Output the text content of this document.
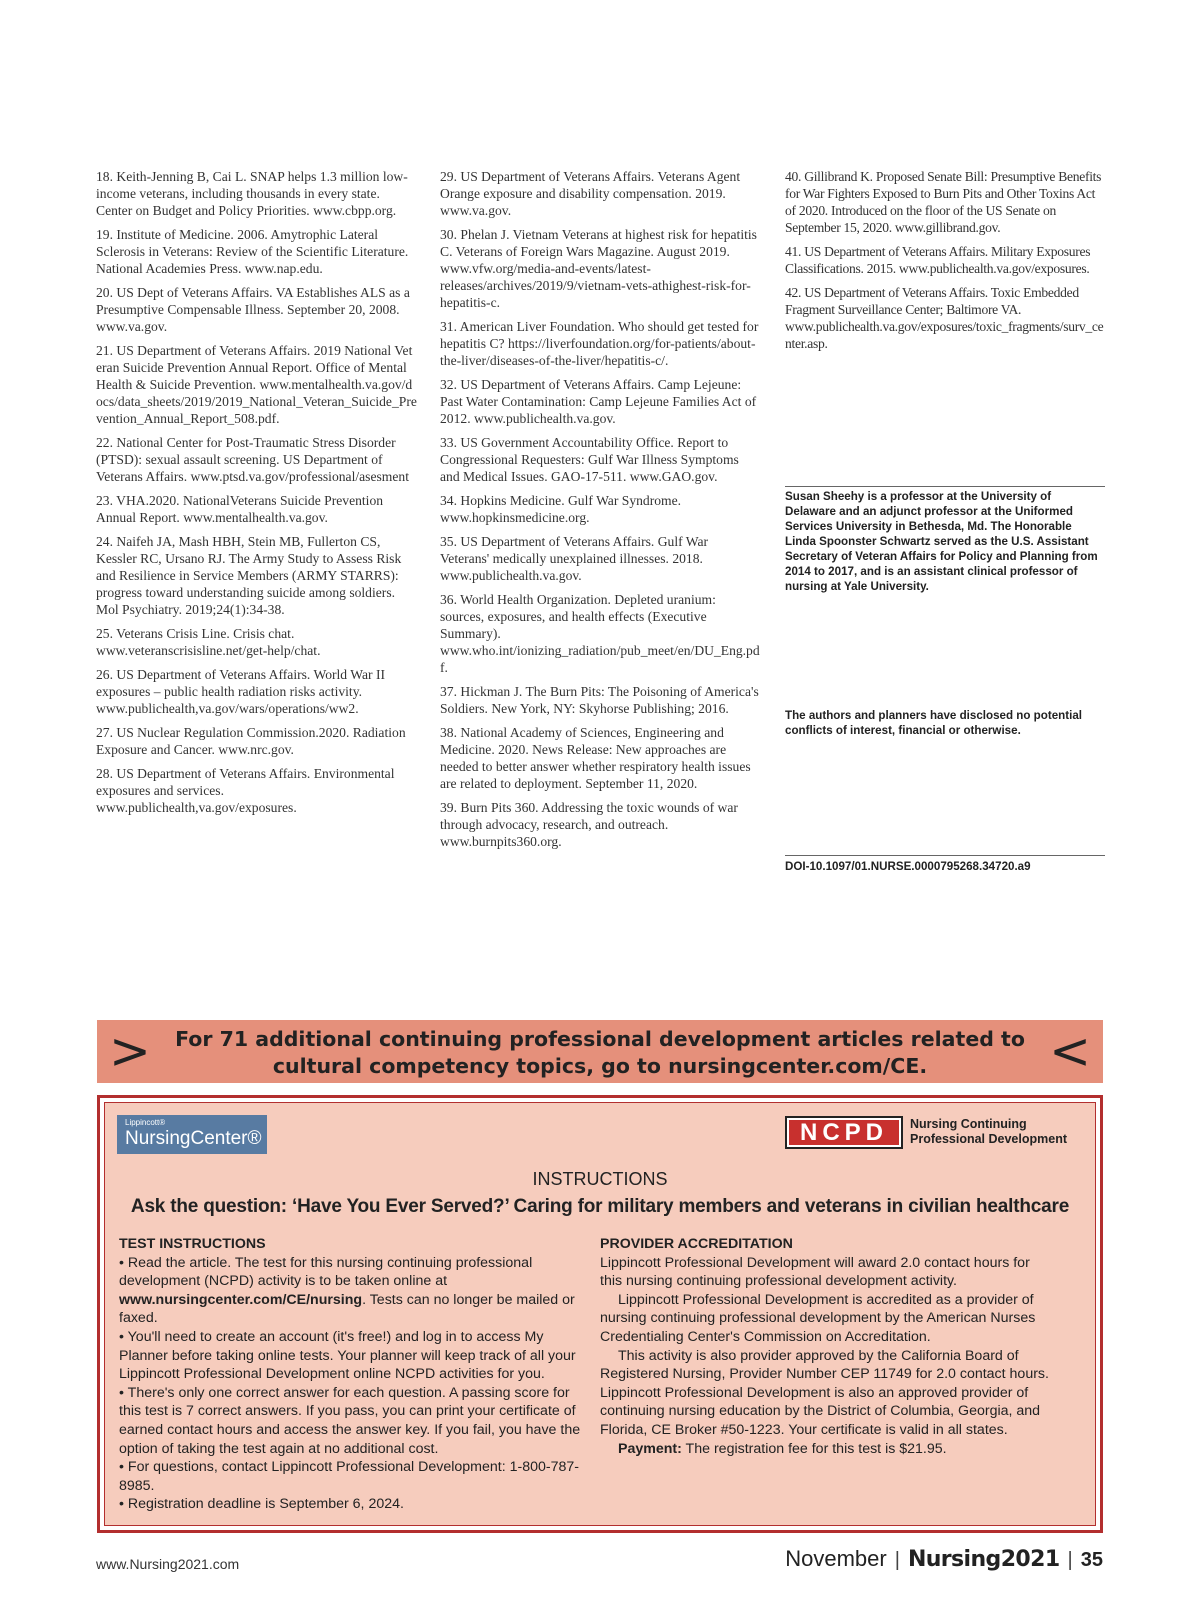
18. Keith-Jenning B, Cai L. SNAP helps 1.3 million low-income veterans, including thousands in every state. Center on Budget and Policy Priorities. www.cbpp.org.

19. Institute of Medicine. 2006. Amytrophic Lateral Sclerosis in Veterans: Review of the Scientific Literature. National Academies Press. www.nap.edu.

20. US Dept of Veterans Affairs. VA Establishes ALS as a Presumptive Compensable Illness. September 20, 2008. www.va.gov.

21. US Department of Veterans Affairs. 2019 National Veteran Suicide Prevention Annual Report. Office of Mental Health & Suicide Prevention. www.mentalhealth.va.gov/docs/data_sheets/2019/2019_National_Veteran_Suicide_Prevention_Annual_Report_508.pdf.

22. National Center for Post-Traumatic Stress Disorder (PTSD): sexual assault screening. US Department of Veterans Affairs. www.ptsd.va.gov/professional/asesment

23. VHA.2020. NationalVeterans Suicide Prevention Annual Report. www.mentalhealth.va.gov.

24. Naifeh JA, Mash HBH, Stein MB, Fullerton CS, Kessler RC, Ursano RJ. The Army Study to Assess Risk and Resilience in Service Members (ARMY STARRS): progress toward understanding suicide among soldiers. Mol Psychiatry. 2019;24(1):34-38.

25. Veterans Crisis Line. Crisis chat. www.veteranscrisisline.net/get-help/chat.

26. US Department of Veterans Affairs. World War II exposures – public health radiation risks activity. www.publichealth,va.gov/wars/operations/ww2.

27. US Nuclear Regulation Commission.2020. Radiation Exposure and Cancer. www.nrc.gov.

28. US Department of Veterans Affairs. Environmental exposures and services. www.publichealth,va.gov/exposures.

29. US Department of Veterans Affairs. Veterans Agent Orange exposure and disability compensation. 2019. www.va.gov.

30. Phelan J. Vietnam Veterans at highest risk for hepatitis C. Veterans of Foreign Wars Magazine. August 2019. www.vfw.org/media-and-events/latest-releases/archives/2019/9/vietnam-vets-athighest-risk-for-hepatitis-c.

31. American Liver Foundation. Who should get tested for hepatitis C? https://liverfoundation.org/for-patients/about-the-liver/diseases-of-the-liver/hepatitis-c/.

32. US Department of Veterans Affairs. Camp Lejeune: Past Water Contamination: Camp Lejeune Families Act of 2012. www.publichealth.va.gov.

33. US Government Accountability Office. Report to Congressional Requesters: Gulf War Illness Symptoms and Medical Issues. GAO-17-511. www.GAO.gov.

34. Hopkins Medicine. Gulf War Syndrome. www.hopkinsmedicine.org.

35. US Department of Veterans Affairs. Gulf War Veterans' medically unexplained illnesses. 2018. www.publichealth.va.gov.

36. World Health Organization. Depleted uranium: sources, exposures, and health effects (Executive Summary). www.who.int/ionizing_radiation/pub_meet/en/DU_Eng.pdf.

37. Hickman J. The Burn Pits: The Poisoning of America's Soldiers. New York, NY: Skyhorse Publishing; 2016.

38. National Academy of Sciences, Engineering and Medicine. 2020. News Release: New approaches are needed to better answer whether respiratory health issues are related to deployment. September 11, 2020.

39. Burn Pits 360. Addressing the toxic wounds of war through advocacy, research, and outreach. www.burnpits360.org.

40. Gillibrand K. Proposed Senate Bill: Presumptive Benefits for War Fighters Exposed to Burn Pits and Other Toxins Act of 2020. Introduced on the floor of the US Senate on September 15, 2020. www.gillibrand.gov.

41. US Department of Veterans Affairs. Military Exposures Classifications. 2015. www.publichealth.va.gov/exposures.

42. US Department of Veterans Affairs. Toxic Embedded Fragment Surveillance Center; Baltimore VA. www.publichealth.va.gov/exposures/toxic_fragments/surv_center.asp.

Susan Sheehy is a professor at the University of Delaware and an adjunct professor at the Uniformed Services University in Bethesda, Md. The Honorable Linda Spoonster Schwartz served as the U.S. Assistant Secretary of Veteran Affairs for Policy and Planning from 2014 to 2017, and is an assistant clinical professor of nursing at Yale University.
The authors and planners have disclosed no potential conflicts of interest, financial or otherwise.
DOI-10.1097/01.NURSE.0000795268.34720.a9
>	For 71 additional continuing professional development articles related to
cultural competency topics, go to nursingcenter.com/CE.	<
Lippincott®
NursingCenter®	NCPD	Nursing Continuing
Professional Development
INSTRUCTIONS
Ask the question: ‘Have You Ever Served?’ Caring for military members and veterans in civilian healthcare
TEST INSTRUCTIONS

• Read the article. The test for this nursing continuing professional development (NCPD) activity is to be taken online at www.nursingcenter.com/CE/nursing. Tests can no longer be mailed or faxed.

• You'll need to create an account (it's free!) and log in to access My Planner before taking online tests. Your planner will keep track of all your Lippincott Professional Development online NCPD activities for you.

• There's only one correct answer for each question. A passing score for this test is 7 correct answers. If you pass, you can print your certificate of earned contact hours and access the answer key. If you fail, you have the option of taking the test again at no additional cost.

• For questions, contact Lippincott Professional Development: 1-800-787-8985.

• Registration deadline is September 6, 2024.

PROVIDER ACCREDITATION

Lippincott Professional Development will award 2.0 contact hours for this nursing continuing professional development activity.

Lippincott Professional Development is accredited as a provider of nursing continuing professional development by the American Nurses Credentialing Center's Commission on Accreditation.

This activity is also provider approved by the California Board of Registered Nursing, Provider Number CEP 11749 for 2.0 contact hours. Lippincott Professional Development is also an approved provider of continuing nursing education by the District of Columbia, Georgia, and Florida, CE Broker #50-1223. Your certificate is valid in all states.

Payment: The registration fee for this test is $21.95.

www.Nursing2021.com	November | Nursing2021 | 35
